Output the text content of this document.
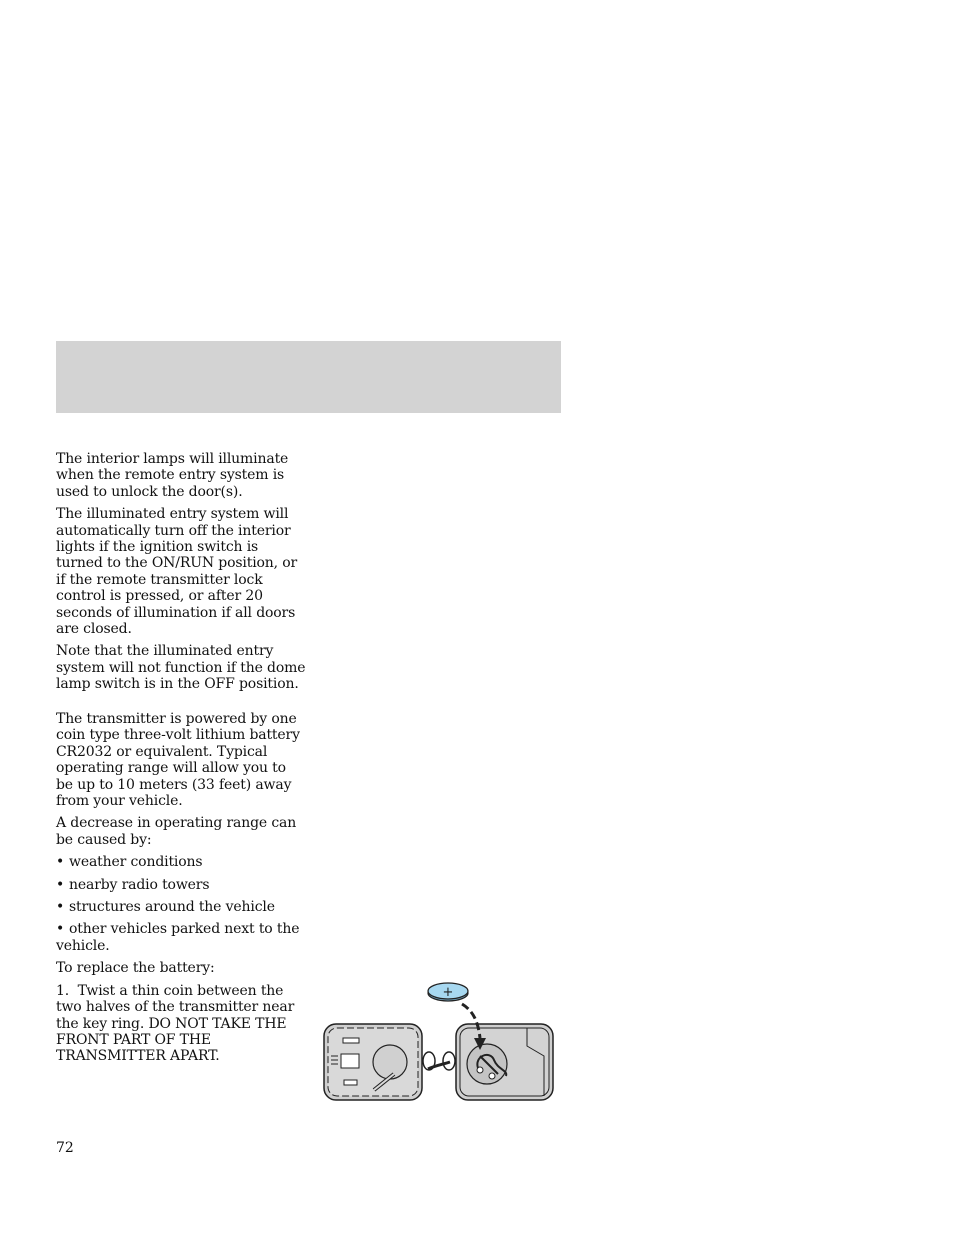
The interior lamps will illuminate when the remote entry system is used to unlock the door(s).

The illuminated entry system will automatically turn off the interior lights if the ignition switch is turned to the ON/RUN position, or if the remote transmitter lock control is pressed, or after 20 seconds of illumination if all doors are closed.

Note that the illuminated entry system will not function if the dome lamp switch is in the OFF position.

The transmitter is powered by one coin type three-volt lithium battery CR2032 or equivalent. Typical operating range will allow you to be up to 10 meters (33 feet) away from your vehicle.

A decrease in operating range can be caused by:

• weather conditions
• nearby radio towers
• structures around the vehicle
• other vehicles parked next to the vehicle.

To replace the battery:

1. Twist a thin coin between the two halves of the transmitter near the key ring. DO NOT TAKE THE FRONT PART OF THE TRANSMITTER APART.

+
72
